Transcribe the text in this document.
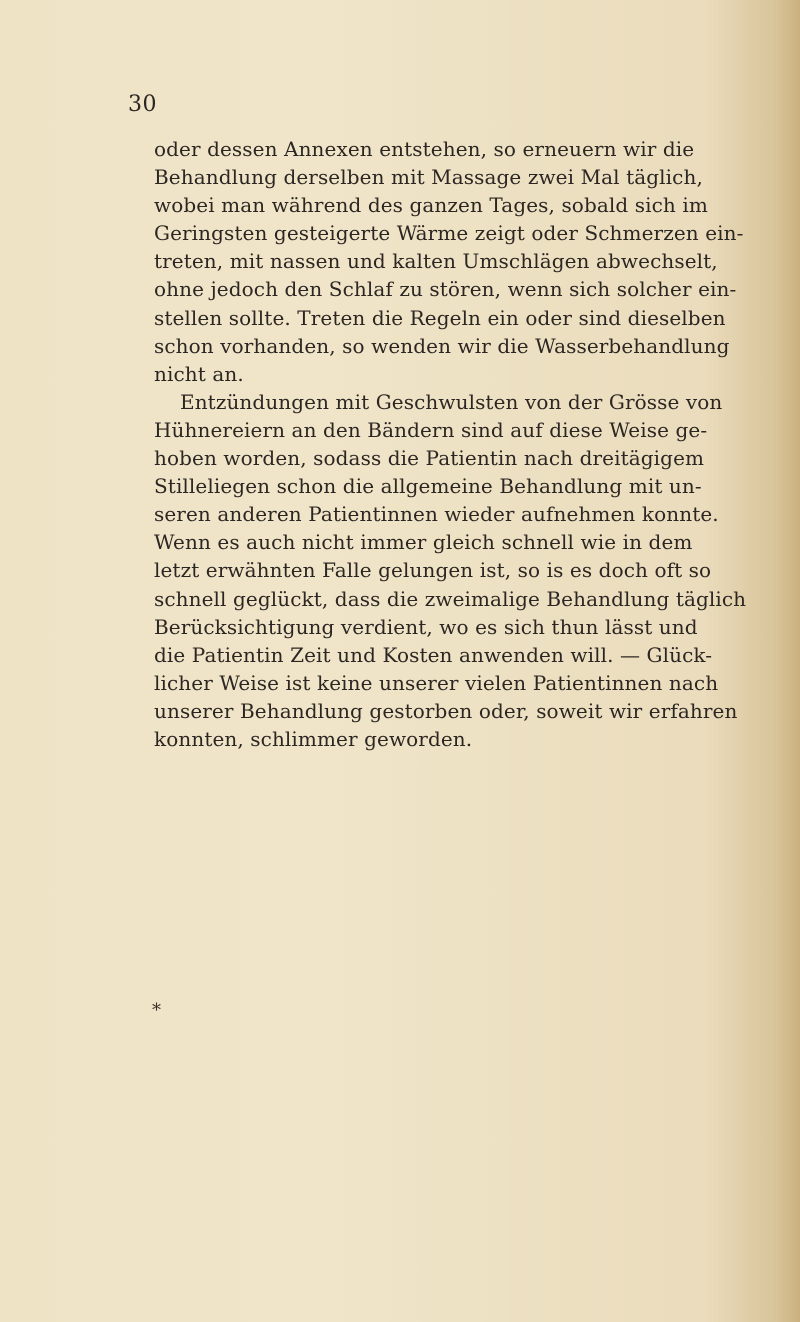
30
oder dessen Annexen entstehen, so erneuern wir die
Behandlung derselben mit Massage zwei Mal täglich,
wobei man während des ganzen Tages, sobald sich im
Geringsten gesteigerte Wärme zeigt oder Schmerzen ein-
treten, mit nassen und kalten Umschlägen abwechselt,
ohne jedoch den Schlaf zu stören, wenn sich solcher ein-
stellen sollte. Treten die Regeln ein oder sind dieselben
schon vorhanden, so wenden wir die Wasserbehandlung
nicht an.
Entzündungen mit Geschwulsten von der Grösse von
Hühnereiern an den Bändern sind auf diese Weise ge-
hoben worden, sodass die Patientin nach dreitägigem
Stilleliegen schon die allgemeine Behandlung mit un-
seren anderen Patientinnen wieder aufnehmen konnte.
Wenn es auch nicht immer gleich schnell wie in dem
letzt erwähnten Falle gelungen ist, so is es doch oft so
schnell geglückt, dass die zweimalige Behandlung täglich
Berücksichtigung verdient, wo es sich thun lässt und
die Patientin Zeit und Kosten anwenden will. — Glück-
licher Weise ist keine unserer vielen Patientinnen nach
unserer Behandlung gestorben oder, soweit wir erfahren
konnten, schlimmer geworden.
*
